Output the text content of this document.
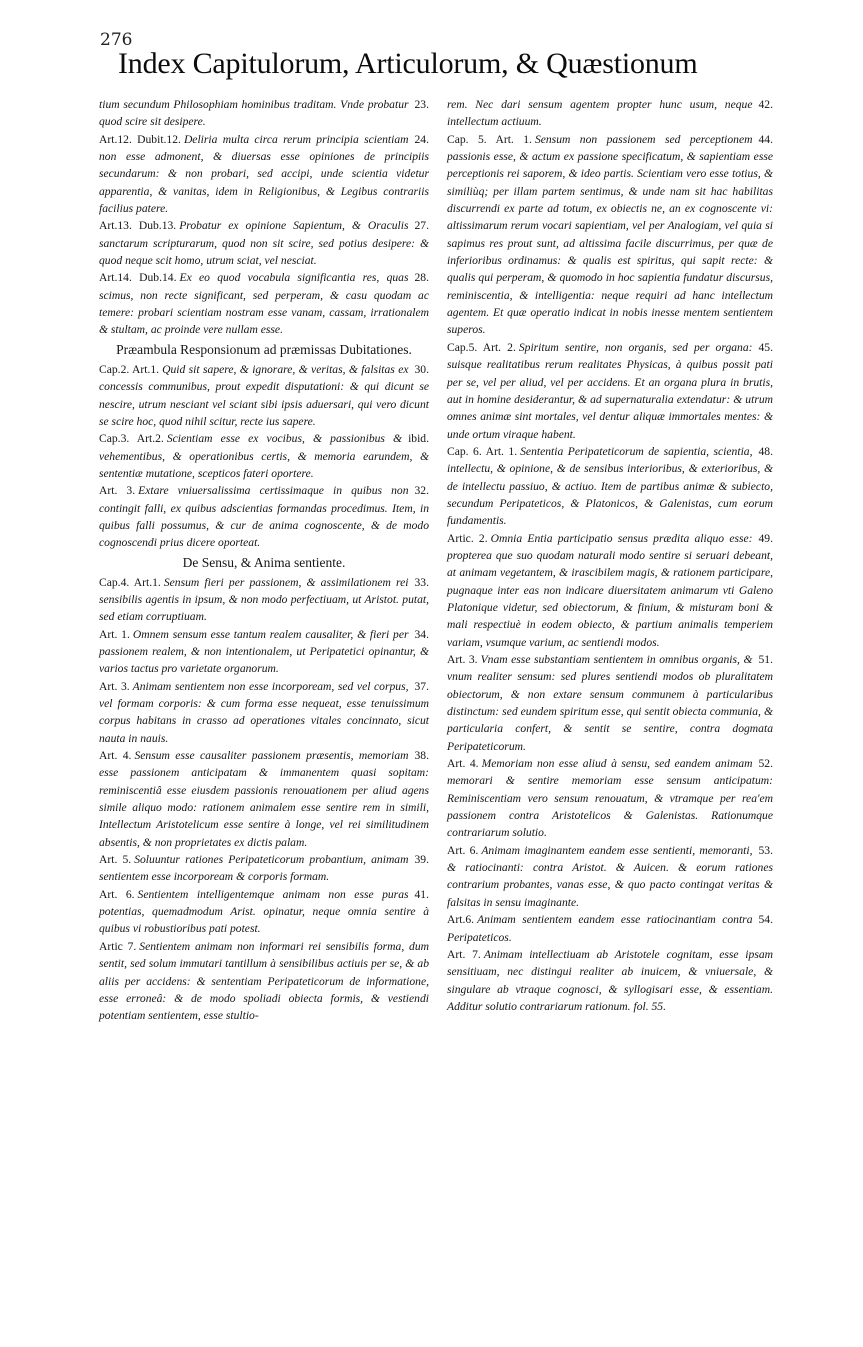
276
Index Capitulorum, Articulorum, & Quæstionum

23.
tium secundum Philosophiam hominibus traditam. Vnde probatur quod scire sit desipere.

24.
Art.12. Dubit.12. Deliria multa circa rerum principia scientiam non esse admonent, & diuersas esse opiniones de principiis secundarum: & non probari, sed accipi, unde scientia videtur apparentia, & vanitas, idem in Religionibus, & Legibus contrariis facilius patere.

27.
Art.13. Dub.13. Probatur ex opinione Sapientum, & Oraculis sanctarum scripturarum, quod non sit scire, sed potius desipere: & quod neque scit homo, utrum sciat, vel nesciat.

28.
Art.14. Dub.14. Ex eo quod vocabula significantia res, quas scimus, non recte significant, sed perperam, & casu quodam ac temere: probari scientiam nostram esse vanam, cassam, irrationalem & stultam, ac proinde vere nullam esse.

Præambula Responsionum ad præmissas Dubitationes.

30.
Cap.2. Art.1. Quid sit sapere, & ignorare, & veritas, & falsitas ex concessis communibus, prout expedit disputationi: & qui dicunt se nescire, utrum nesciant vel sciant sibi ipsis aduersari, qui vero dicunt se scire hoc, quod nihil scitur, recte ius sapere.

ibid.
Cap.3. Art.2. Scientiam esse ex vocibus, & passionibus & vehementibus, & operationibus certis, & memoria earundem, & sententiæ mutatione, scepticos fateri oportere.

32.
Art. 3. Extare vniuersalissima certissimaque in quibus non contingit falli, ex quibus adscientias formandas procedimus. Item, in quibus falli possumus, & cur de anima cognoscente, & de modo cognoscendi prius dicere oporteat.

De Sensu, & Anima sentiente.

33.
Cap.4. Art.1. Sensum fieri per passionem, & assimilationem rei sensibilis agentis in ipsum, & non modo perfectiuam, ut Aristot. putat, sed etiam corruptiuam.

34.
Art. 1. Omnem sensum esse tantum realem causaliter, & fieri per passionem realem, & non intentionalem, ut Peripatetici opinantur, & varios tactus pro varietate organorum.

37.
Art. 3. Animam sentientem non esse incorpoream, sed vel corpus, vel formam corporis: & cum forma esse nequeat, esse tenuissimum corpus habitans in crasso ad operationes vitales concinnato, sicut nauta in nauis.

38.
Art. 4. Sensum esse causaliter passionem præsentis, memoriam esse passionem anticipatam & immanentem quasi sopitam: reminiscentiâ esse eiusdem passionis renouationem per aliud agens simile aliquo modo: rationem animalem esse sentire rem in simili, Intellectum Aristotelicum esse sentire à longe, vel rei similitudinem absentis, & non proprietates ex dictis palam.

39.
Art. 5. Soluuntur rationes Peripateticorum probantium, animam sentientem esse incorpoream & corporis formam.

41.
Art. 6. Sentientem intelligentemque animam non esse puras potentias, quemadmodum Arist. opinatur, neque omnia sentire à quibus vi robustioribus pati potest.

Artic 7. Sentientem animam non informari rei sensibilis forma, dum sentit, sed solum immutari tantillum à sensibilibus actiuis per se, & ab aliis per accidens: & sententiam Peripateticorum de informatione, esse erroneâ: & de modo spoliadi obiecta formis, & vestiendi potentiam sentientem, esse stultio-

42.
rem. Nec dari sensum agentem propter hunc usum, neque intellectum actiuum.

44.
Cap. 5. Art. 1. Sensum non passionem sed perceptionem passionis esse, & actum ex passione specificatum, & sapientiam esse perceptionis rei saporem, & ideo partis. Scientiam vero esse totius, & similiùq; per illam partem sentimus, & unde nam sit hac habilitas discurrendi ex parte ad totum, ex obiectis ne, an ex cognoscente vi: altissimarum rerum vocari sapientiam, vel per Analogiam, vel quia si sapimus res prout sunt, ad altissima facile discurrimus, per quæ de inferioribus ordinamus: & qualis est spiritus, qui sapit recte: & qualis qui perperam, & quomodo in hoc sapientia fundatur discursus, reminiscentia, & intelligentia: neque requiri ad hanc intellectum agentem. Et quæ operatio indicat in nobis inesse mentem sentientem superos.

45.
Cap.5. Art. 2. Spiritum sentire, non organis, sed per organa: suisque realitatibus rerum realitates Physicas, à quibus possit pati per se, vel per aliud, vel per accidens. Et an organa plura in brutis, aut in homine desiderantur, & ad supernaturalia extendatur: & utrum omnes animæ sint mortales, vel dentur aliquæ immortales mentes: & unde ortum viraque habent.

48.
Cap. 6. Art. 1. Sententia Peripateticorum de sapientia, scientia, intellectu, & opinione, & de sensibus interioribus, & exterioribus, & de intellectu passiuo, & actiuo. Item de partibus animæ & subiecto, secundum Peripateticos, & Platonicos, & Galenistas, cum eorum fundamentis.

49.
Artic. 2. Omnia Entia participatio sensus prædita aliquo esse: propterea que suo quodam naturali modo sentire si seruari debeant, at animam vegetantem, & irascibilem magis, & rationem participare, pugnaque inter eas non indicare diuersitatem animarum vti Galeno Platonique videtur, sed obiectorum, & finium, & misturam boni & mali respectiuè in eodem obiecto, & partium animalis temperiem variam, vsumque varium, ac sentiendi modos.

51.
Art. 3. Vnam esse substantiam sentientem in omnibus organis, & vnum realiter sensum: sed plures sentiendi modos ob pluralitatem obiectorum, & non extare sensum communem à particularibus distinctum: sed eundem spiritum esse, qui sentit obiecta communia, & particularia confert, & sentit se sentire, contra dogmata Peripateticorum.

52.
Art. 4. Memoriam non esse aliud à sensu, sed eandem animam memorari & sentire memoriam esse sensum anticipatum: Reminiscentiam vero sensum renouatum, & vtramque per rea'em passionem contra Aristotelicos & Galenistas. Rationumque contrariarum solutio.

53.
Art. 6. Animam imaginantem eandem esse sentienti, memoranti, & ratiocinanti: contra Aristot. & Auicen. & eorum rationes contrarium probantes, vanas esse, & quo pacto contingat veritas & falsitas in sensu imaginante.

54.
Art.6. Animam sentientem eandem esse ratiocinantiam contra Peripateticos.

Art. 7. Animam intellectiuam ab Aristotele cognitam, esse ipsam sensitiuam, nec distingui realiter ab inuicem, & vniuersale, & singulare ab vtraque cognosci, & syllogisari esse, & essentiam. Additur solutio contrariarum rationum. fol. 55.
